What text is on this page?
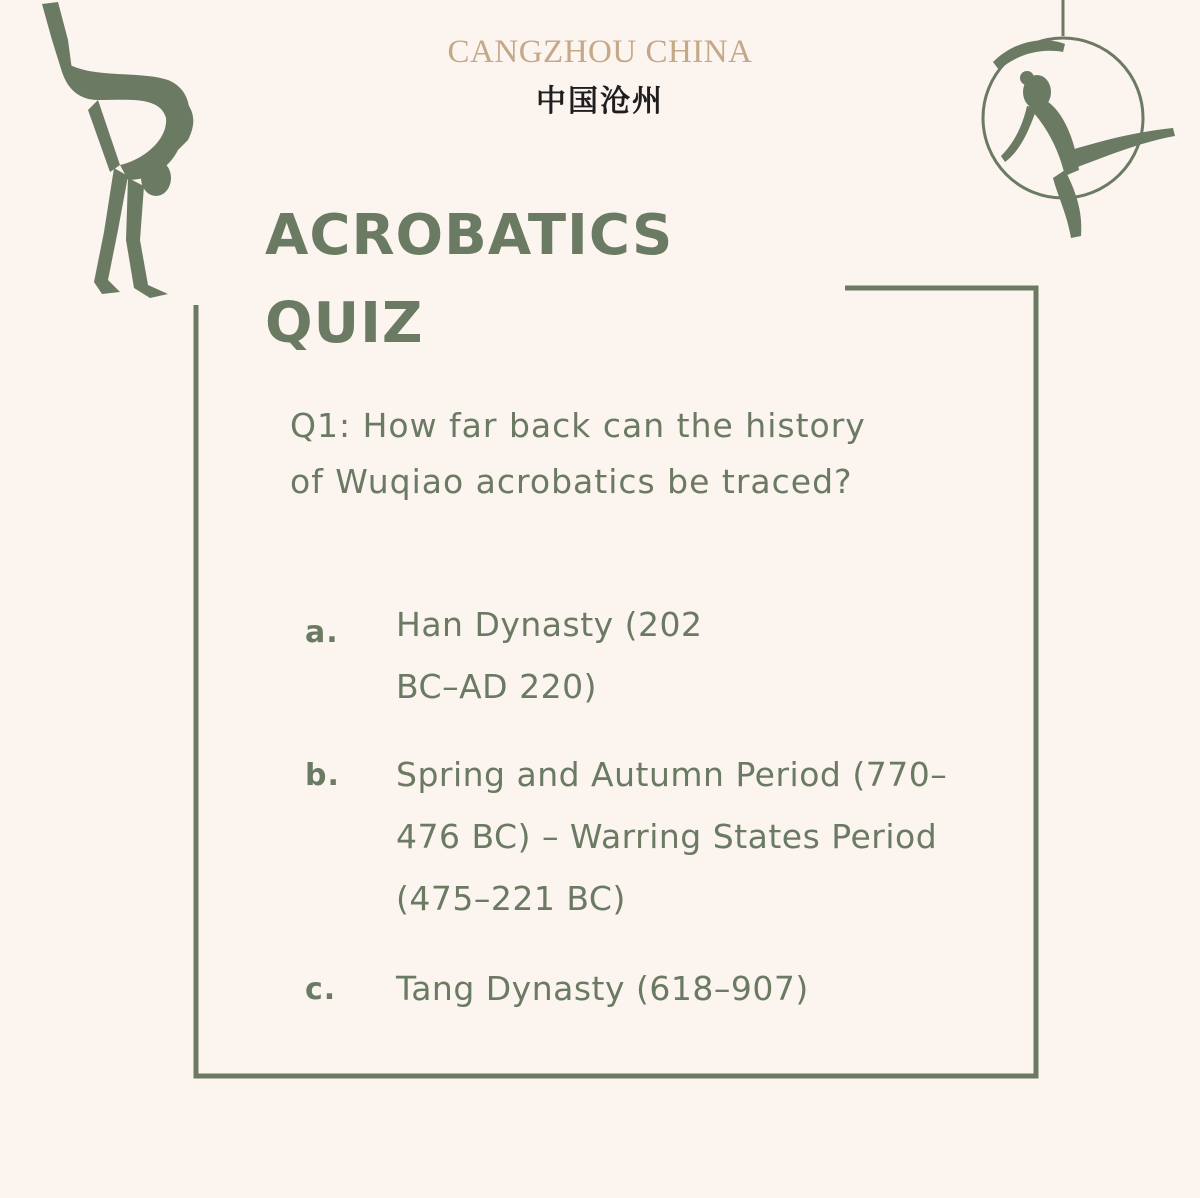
CANGZHOU CHINA
中国沧州
ACROBATICS
QUIZ
Q1: How far back can the history of Wuqiao acrobatics be traced?
a. Han Dynasty (202 BC–AD 220)
b. Spring and Autumn Period (770–476 BC) – Warring States Period (475–221 BC)
c. Tang Dynasty (618–907)
